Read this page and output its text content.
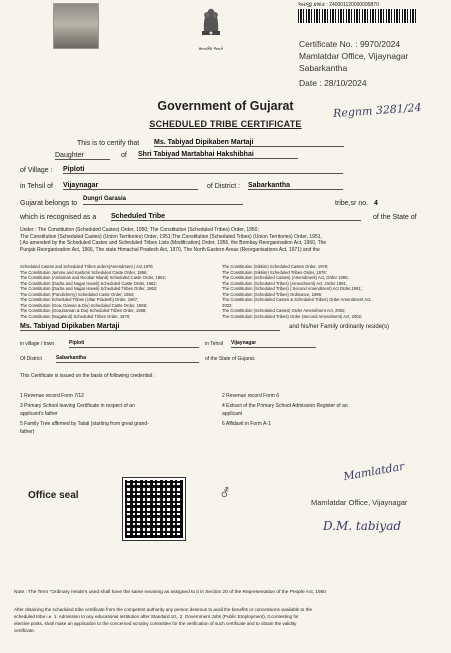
સત્યમેવ જયતે
અરજી ક્રમાંક : 240001120000099870
Certificate No. : 9970/2024
Mamlatdar Office, Vijaynagar
Sabarkantha
Date : 28/10/2024
Regnm 3281/24
Government of Gujarat
SCHEDULED TRIBE CERTIFICATE
This is to certify that Ms. Tabiyad Dipikaben Martaji
Daughter	of Shri Tabiyad Martabhai Hakshibhai
of Village : Piploti
in Tehsil of Vijaynagar	of District : Sabarkantha
Gujarat belongs to
Dungri Garasia
tribe,sr no. 4
which is recognised as a Scheduled Tribe	of the State of
Under : The Constitution (Scheduled Castes) Order, 1950; The Constitution (Scheduled Tribes) Order, 1950;
The Constitution (Scheduled Castes) (Union Territories) Order, 1951;The Constitution (Scheduled Tribes) (Union Territories) Order, 1951,
[ As amended by the Scheduled Castes and Scheduled Tribes Lists (Modification) Order, 1956, the Bombay Reorganisation Act, 1960, The
Punjab Reorganisation Act, 1966, The state Himachal Pradesh Act, 1970, The North Eastern Areas (Reorganisations Act, 1971) and the
Scheduled Castes and Scheduled Tribes orders(Amendment ) Act,1976
The Constitution Jammu and Kashmir Scheduled Caste Order, 1956;
The Constitution (Andaman and Nicobar Island) Scheduled Caste Order, 1962;
The Constitution (Dadra and Nagar Haveli) Scheduled Caste Order, 1962;
The Constitution (Dadra and Nagar Haveli) Scheduled Tribes Order, 1962;
The Constitution (Pondicherry) Scheduled Caste Order, 1964;
The Constitution Scheduled Tribes (Uttar Pradesh) Order, 1967;
The Constitution (Goa, Daman & Diu) Scheduled Caste Order, 1968;
The Constitution (Goa,Daman & Diu) Scheduled Tribes Order, 1968;
The Constitution (Nagaland) Scheduled Tribes Order, 1970;
The Constitution (Sikkim) Scheduled Castes Order, 1978;
The Constitution (Sikkim) Scheduled Tribes Order, 1978;
The Constitution (Scheduled Castes) (Amendment) Act, Order 1990;
The Constitution (Scheduled Tribes) (Amendment) Act, Order 1991;
The Constitution (Scheduled Tribes) ( Second Amendment) Act Order,1991;
The Constitution (Scheduled Tribes) Ordinance, 1996;
The Constitution (Scheduled Castes & Scheduled Tribes) Order Amendment Act,
2002;
The Constitution (Scheduled Castes) Order Amendment Act, 2002;
The Constitution (Scheduled Tribes) Order (Second Amendment) Act, 2002;
Ms. Tabiyad Dipikaben Martaji	and his/her Family ordinarily reside(s)
in village / town	Piploti	in Tehsil Vijaynagar
Of District	Sabarkantha	of the State of Gujarat.
This Certificate is issued on the basis of following credential :
1 Revenue record Form 7/12
3 Primary School leaving Certificate in respect of an
applicant's father
5 Family Tree affirmed by Talati (starting from great grand-
father)
2 Revenue record Form 6
4 Extract of the Primary School Admission Register of an
applicant
6 Affidavit in Form A-1
Office seal	⚦
Mamlatdar
Mamlatdar Office, Vijaynagar
D.M. tabiyad
Note : The Term "Ordinary reside's used shall have the same meaning as assigned to it in Section 20 of the Representation of the People Act, 1950
After obtaining the scheduled tribe certificate from the competent authority any person desirous to avail the benefits or concessions available to the
scheduled tribe i.e. 1. Admission to any educational institution after Standard 10,, 2. Government Jobs (Public Employment), 3.contesting for
elective posts, shall make an application to the concerned scrutiny committee for the verification of such certificate and to obtain the validity
certificate.
